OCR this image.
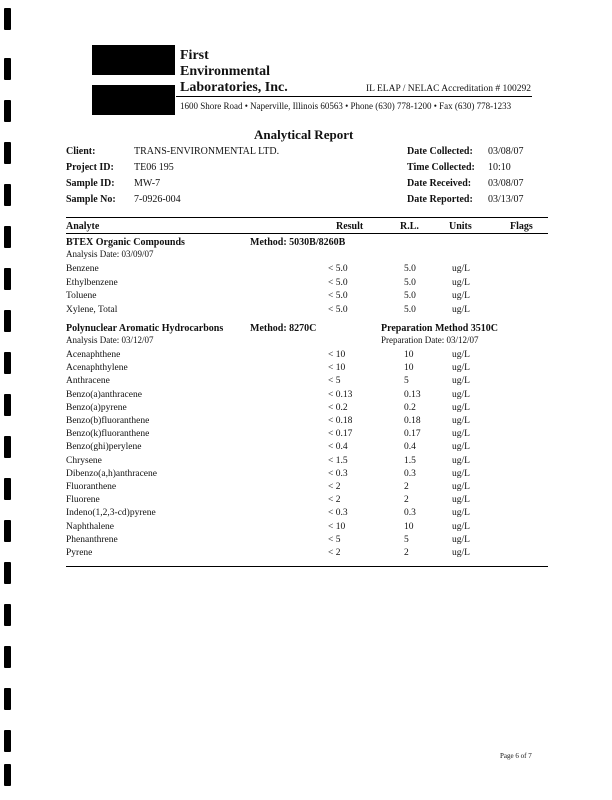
First
Environmental
Laboratories, Inc.	IL ELAP / NELAC Accreditation # 100292
1600 Shore Road • Naperville, Illinois 60563 • Phone (630) 778-1200 • Fax (630) 778-1233
Analytical Report
Client:	TRANS-ENVIRONMENTAL LTD.
Project ID: TE06 195
Sample ID: MW-7
Sample No: 7-0926-004
Date Collected: 03/08/07
Time Collected: 10:10
Date Received: 03/08/07
Date Reported: 03/13/07
Analyte	Result	R.L.	Units	Flags
BTEX Organic Compounds	Method: 5030B/8260B
Analysis Date: 03/09/07
Benzene	< 5.0	5.0	ug/L
Ethylbenzene	< 5.0	5.0	ug/L
Toluene	< 5.0	5.0	ug/L
Xylene, Total	< 5.0	5.0	ug/L
Polynuclear Aromatic Hydrocarbons	Method: 8270C	Preparation Method 3510C
Analysis Date: 03/12/07	Preparation Date: 03/12/07
Acenaphthene	< 10	10	ug/L
Acenaphthylene	< 10	10	ug/L
Anthracene	< 5	5	ug/L
Benzo(a)anthracene	< 0.13	0.13	ug/L
Benzo(a)pyrene	< 0.2	0.2	ug/L
Benzo(b)fluoranthene	< 0.18	0.18	ug/L
Benzo(k)fluoranthene	< 0.17	0.17	ug/L
Benzo(ghi)perylene	< 0.4	0.4	ug/L
Chrysene	< 1.5	1.5	ug/L
Dibenzo(a,h)anthracene	< 0.3	0.3	ug/L
Fluoranthene	< 2	2	ug/L
Fluorene	< 2	2	ug/L
Indeno(1,2,3-cd)pyrene	< 0.3	0.3	ug/L
Naphthalene	< 10	10	ug/L
Phenanthrene	< 5	5	ug/L
Pyrene	< 2	2	ug/L
Page 6 of 7
